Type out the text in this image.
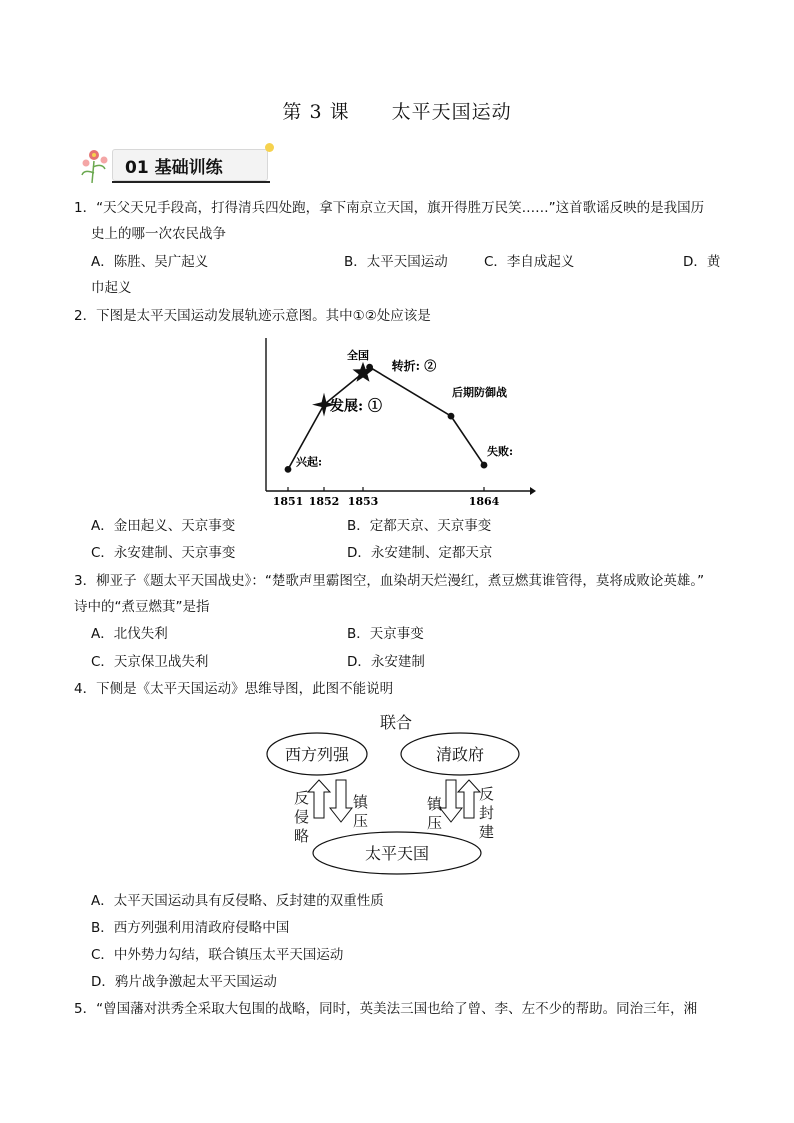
第 3 课 太平天国运动
01 基础训练
1．“天父天兄手段高，打得清兵四处跑，拿下南京立天国，旗开得胜万民笑……”这首歌谣反映的是我国历
史上的哪一次农民战争
A．陈胜、吴广起义	B．太平天国运动	C．李自成起义	D．黄
巾起义
2．下图是太平天国运动发展轨迹示意图。其中①②处应该是
1851 1852 1853	1864
兴起:
发展: ①
全国
转折: ②
后期防御战
失败:
A．金田起义、天京事变	B．定都天京、天京事变
C．永安建制、天京事变	D．永安建制、定都天京
3．柳亚子《题太平天国战史》：“楚歌声里霸图空，血染胡天烂漫红，煮豆燃萁谁管得，莫将成败论英雄。”
诗中的“煮豆燃萁”是指
A．北伐失利	B．天京事变
C．天京保卫战失利	D．永安建制
4．下侧是《太平天国运动》思维导图，此图不能说明
联合
西方列强	清政府
太平天国
反侵略	镇压	镇压 反封建
A．太平天国运动具有反侵略、反封建的双重性质
B．西方列强利用清政府侵略中国
C．中外势力勾结，联合镇压太平天国运动
D．鸦片战争激起太平天国运动
5．“曾国藩对洪秀全采取大包围的战略，同时，英美法三国也给了曾、李、左不少的帮助。同治三年，湘
